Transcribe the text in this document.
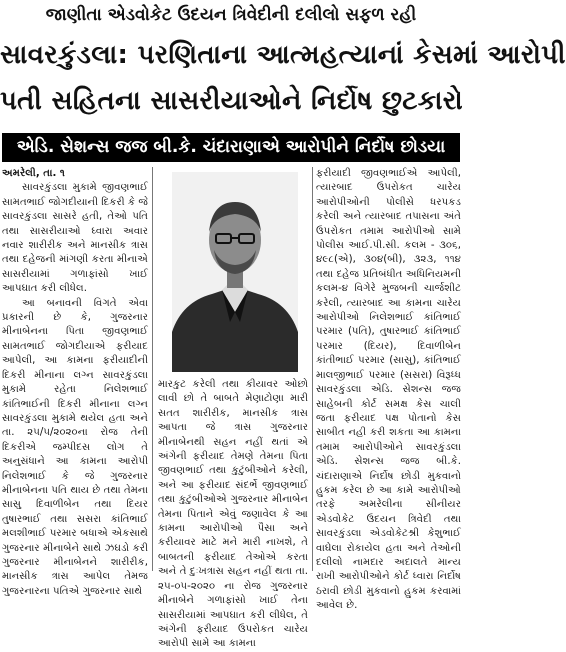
જાણીતા એડવોકેટ ઉદયન ત્રિવેદીની દલીલો સફળ રહી
સાવરકુંડલા: પરણિતાના આત્મહત્યાનાં કેસમાં આરોપી
પતી સહિતના સાસરીયાઓને નિર્દોષ છુટકારો
એડિ. સેશન્સ જજ બી.કે. ચંદારાણાએ આરોપીને નિર્દોષ છોડયા

અમરેલી, તા. ૧

સાવરકુંડલા મુકામે જીવણભાઈ સામતભાઈ જોગદીયાની દિકરી કે જે સાવરકુંડલા સાસરે હતી, તેઓ પતિ તથા સાસરીયાઓ ઘ્વારા અવાર નવાર શારીરીક અને માનસીક ત્રાસ તથા દહેજની માંગણી કરતા મીનાએ સાસરીયામાં ગળાફાંસો ખાઈ આપઘાત કરી લીધેલ.

આ બનાવની વિગતે એવા પ્રકારની છે કે, ગુજરનાર મીનાબેનના પિતા જીવણભાઈ સામતભાઈ જોગદીયાએ ફરીયાદ આપેલી, આ કામના ફરીયાદીની દિકરી મીનાના લગ્ન સાવરકુંડલા મુકામે રહેતા નિલેશભાઈ કાંતિભાઈની દિકરી મીનાના લગ્ન સાવરકુંડલા મુકામે થયેલ હતા અને તા. ૨૫/૫/૨૦૨૦ના રોજ તેની દિકરીએ જમ્પીદસ લોગ તે અનુસંધાને આ કામના આરોપી નિલેશભાઈ કે જે ગુજરનાર મીનાબેનના પતિ થાય છે તથા તેમના સાસુ દિવાળીબેન તથા દિયર તુષારભાઈ તથા સસરા કાંતિભાઈ મલશીભાઈ પરમાર બધાએ એકસાથે ગુજરનાર મીનાબેને સાથે ઝઘડો કરી ગુજરનાર મીનાબેનને શારીરીક, માનસીક ત્રાસ આપેલ તેમજ ગુજરનારના પતિએ ગુજરનાર સાથે

મારકુટ કરેલી તથા કીયાવર ઓછો લાવી છો તે બાબતે મેણાટોણા મારી સતત શારીરીક, માનસીક ત્રાસ આપતા જે ત્રાસ ગુજરનાર મીનાબેનથી સહન નહીં થતાં એ અંગેની ફરીયાદ તેમણે તેમના પિતા જીવણભાઈ તથા કુટુંબીઓને કરેલી, અને આ ફરીયાદ સંદર્ભે જીવણભાઈ તથા કુટુંબીઓએ ગુજરનાર મીનાબેન તેમના પિતાને એવું જણાવેલ કે આ કામના આરોપીઓ પૈસા અને કરીયાવર માટે મને મારી નાખશે, તે બાબતની ફરીયાદ તેઓએ કરતા અને તે દુઃખત્રાસ સહન નહીં થતા તા. ૨૫-૦૫-૨૦૨૦ ના રોજ ગુજરનાર મીનાબેને ગળાફાંસો ખાઈ તેના સાસરીયામાં આપઘાત કરી લીધેલ, તે અંગેની ફરીયાદ ઉપરોકત ચારેય આરોપી સામે આ કામના

ફરીયાદી જીવણભાઈએ આપેલી, ત્યારબાદ ઉપરોકત ચારેય આરોપીઓની પોલીસે ધરપકડ કરેલી અને ત્યારબાદ તપાસના અંતે ઉપરોકત તમામ આરોપીઓ સામે પોલીસ આઈ.પી.સી. કલમ - ૩૦૬, ૪૯૮(એ), ૩૦૪(બી), ૩૨૩, ૧૧૪ તથા દહેજ પ્રતિબંધીત અધિનિયમની કલમ-૪ વિગેરે મુજબની ચાર્જશીટ કરેલી, ત્યારબાદ આ કામના ચારેય આરોપીઓ નિલેશભાઈ કાંતિભાઈ પરમાર (પતિ), તુષારભાઈ કાંતિભાઈ પરમાર (દિયર), દિવાળીબેન કાંતીભાઈ પરમાર (સાસુ), કાંતિભાઈ માલજીભાઈ પરમાર (સસરા) વિરૂધ્ધ સાવરકુંડલા એડિ. સેશન્સ જજ સાહેબની કોર્ટ સમક્ષ કેસ ચાલી જતા ફરીયાદ પક્ષ પોતાનો કેસ સાબીત નહી કરી શકતા આ કામના તમામ આરોપીઓને સાવરકુંડલા એડિ. સેશન્સ જજ બી.કે. ચંદારાણાએ નિર્દોષ છોડી મુકવાનો હુકમ કરેલ છે આ કામે આરોપીઓ તરફે અમરેલીના સીનીયર એડવોકેટ ઉદયન ત્રિવેદી તથા સાવરકુંડલા એડવોકેટશ્રી કેશુભાઈ વાઘેલા રોકાયેલ હતા અને તેઓની દલીલો નામદાર અદાલતે માન્ય રાખી આરોપીઓને કોર્ટ ધ્વારા નિર્દોષ ઠરાવી છોડી મુકવાનો હુકમ કરવામાં આવેલ છે.
